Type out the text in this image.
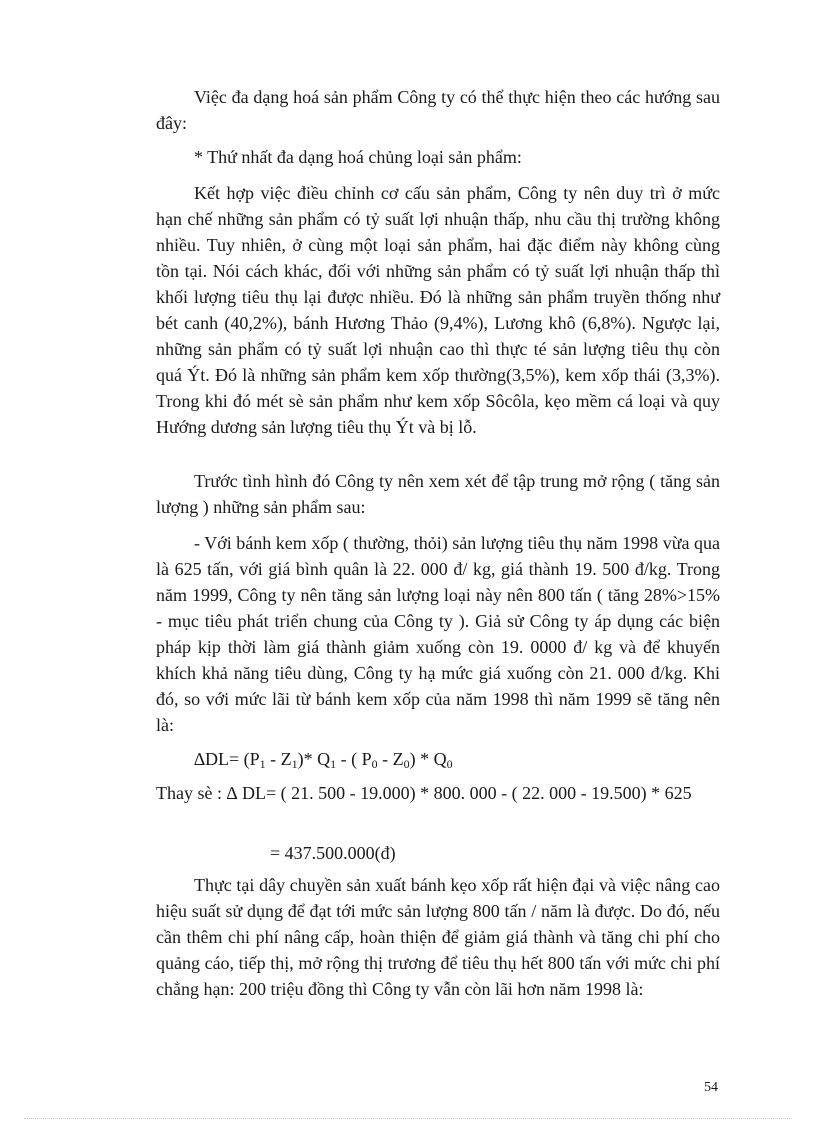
Việc đa dạng hoá sản phẩm Công ty có thể thực hiện theo các hướng sau đây:

* Thứ nhất đa dạng hoá chủng loại sản phẩm:

Kết hợp việc điều chỉnh cơ cấu sản phẩm, Công ty nên duy trì ở mức hạn chế những sản phẩm có tỷ suất lợi nhuận thấp, nhu cầu thị trường không nhiều. Tuy nhiên, ở cùng một loại sản phẩm, hai đặc điểm này không cùng tồn tại. Nói cách khác, đối với những sản phẩm có tỷ suất lợi nhuận thấp thì khối lượng tiêu thụ lại được nhiều. Đó là những sản phẩm truyền thống như bét canh (40,2%), bánh Hương Thảo (9,4%), Lương khô (6,8%). Ngược lại, những sản phẩm có tỷ suất lợi nhuận cao thì thực té sản lượng tiêu thụ còn quá Ýt. Đó là những sản phẩm kem xốp thường(3,5%), kem xốp thái (3,3%). Trong khi đó mét sè sản phẩm như kem xốp Sôcôla, kẹo mềm cá loại và quy Hướng dương sản lượng tiêu thụ Ýt và bị lỗ.

Trước tình hình đó Công ty nên xem xét để tập trung mở rộng ( tăng sản lượng ) những sản phẩm sau:

- Với bánh kem xốp ( thường, thỏi) sản lượng tiêu thụ năm 1998 vừa qua là 625 tấn, với giá bình quân là 22. 000 đ/ kg, giá thành 19. 500 đ/kg. Trong năm 1999, Công ty nên tăng sản lượng loại này nên 800 tấn ( tăng 28%>15% - mục tiêu phát triển chung của Công ty ). Giả sử Công ty áp dụng các biện pháp kịp thời làm giá thành giảm xuống còn 19. 0000 đ/ kg và để khuyến khích khả năng tiêu dùng, Công ty hạ mức giá xuống còn 21. 000 đ/kg. Khi đó, so với mức lãi từ bánh kem xốp của năm 1998 thì năm 1999 sẽ tăng nên là:

$\Delta DL= (P_1 - Z_1)*$ $Q_1$ - ( $P_0 - Z_0) * Q_0$

Thay sè : ∆ DL= ( 21. 500 - 19.000) * 800. 000 - ( 22. 000 - 19.500) * 625

= 437.500.000(đ)

Thực tại dây chuyền sản xuất bánh kẹo xốp rất hiện đại và việc nâng cao hiệu suất sử dụng để đạt tới mức sản lượng 800 tấn / năm là được. Do đó, nếu cần thêm chi phí nâng cấp, hoàn thiện để giảm giá thành và tăng chi phí cho quảng cáo, tiếp thị, mở rộng thị trương để tiêu thụ hết 800 tấn với mức chi phí chẳng hạn: 200 triệu đồng thì Công ty vẫn còn lãi hơn năm 1998 là:

54
